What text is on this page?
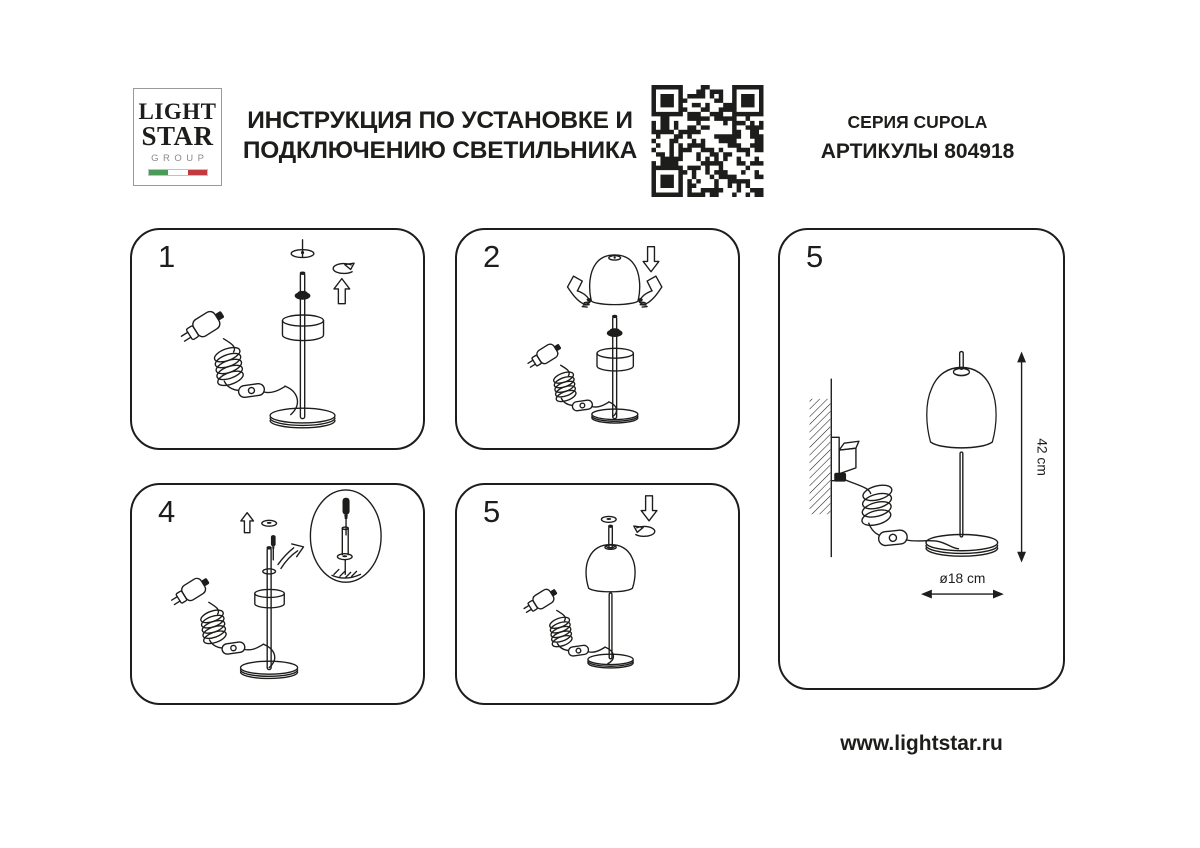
LIGHT
STAR
GROUP
ИНСТРУКЦИЯ ПО УСТАНОВКЕ И
ПОДКЛЮЧЕНИЮ СВЕТИЛЬНИКА
СЕРИЯ CUPOLA
АРТИКУЛЫ 804918
1	2
4	5
5
42 cm
ø18 cm
www.lightstar.ru
